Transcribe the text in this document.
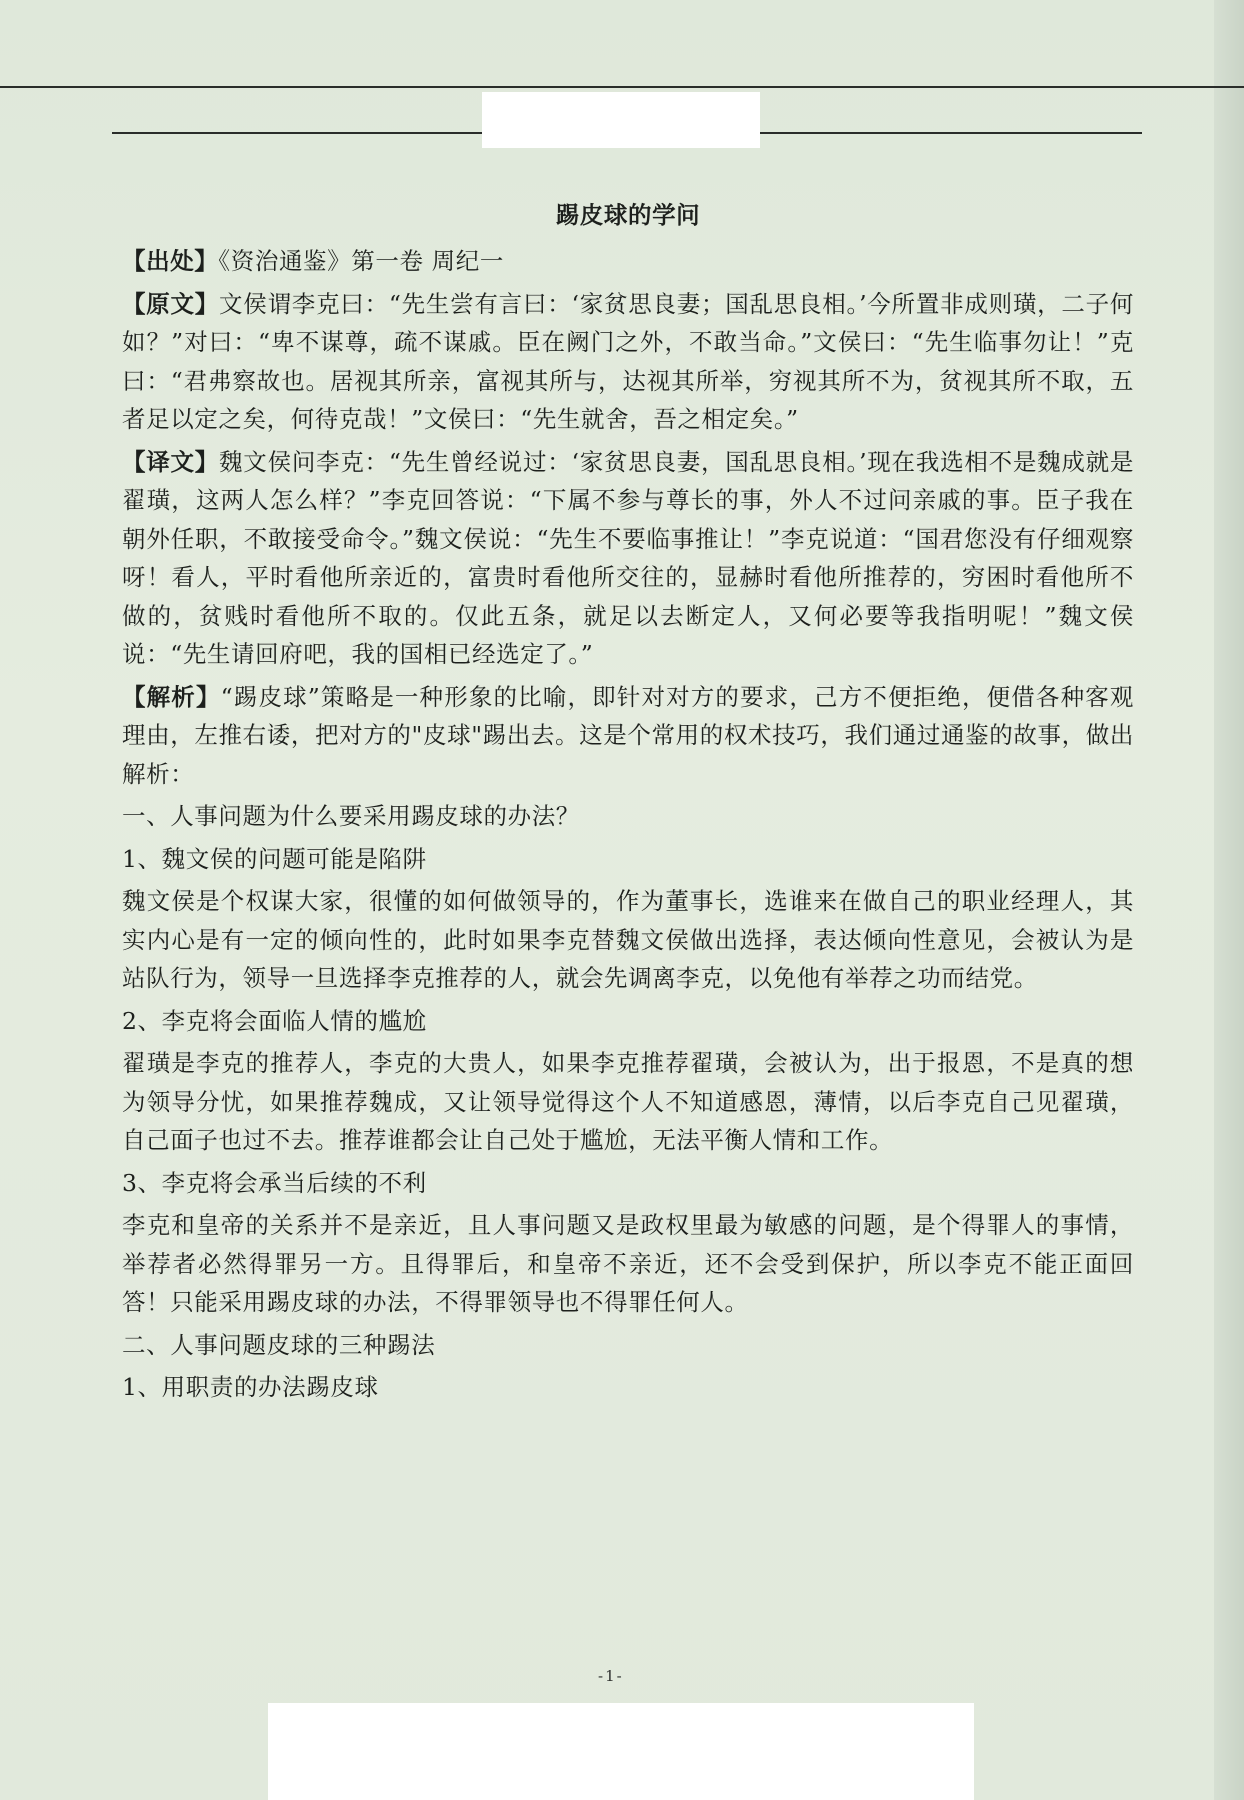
踢皮球的学问
【出处】《资治通鉴》第一卷 周纪一
【原文】文侯谓李克曰：“先生尝有言曰：‘家贫思良妻；国乱思良相。’今所置非成则璜，二子何如？”对曰：“卑不谋尊，疏不谋戚。臣在阙门之外，不敢当命。”文侯曰：“先生临事勿让！”克曰：“君弗察故也。居视其所亲，富视其所与，达视其所举，穷视其所不为，贫视其所不取，五者足以定之矣，何待克哉！”文侯曰：“先生就舍，吾之相定矣。”
【译文】魏文侯问李克：“先生曾经说过：‘家贫思良妻，国乱思良相。’现在我选相不是魏成就是翟璜，这两人怎么样？”李克回答说：“下属不参与尊长的事，外人不过问亲戚的事。臣子我在朝外任职，不敢接受命令。”魏文侯说：“先生不要临事推让！”李克说道：“国君您没有仔细观察呀！看人，平时看他所亲近的，富贵时看他所交往的，显赫时看他所推荐的，穷困时看他所不做的，贫贱时看他所不取的。仅此五条，就足以去断定人，又何必要等我指明呢！”魏文侯说：“先生请回府吧，我的国相已经选定了。”
【解析】“踢皮球”策略是一种形象的比喻，即针对对方的要求，己方不便拒绝，便借各种客观理由，左推右诿，把对方的"皮球"踢出去。这是个常用的权术技巧，我们通过通鉴的故事，做出解析：
一、人事问题为什么要采用踢皮球的办法？
1、魏文侯的问题可能是陷阱
魏文侯是个权谋大家，很懂的如何做领导的，作为董事长，选谁来在做自己的职业经理人，其实内心是有一定的倾向性的，此时如果李克替魏文侯做出选择，表达倾向性意见，会被认为是站队行为，领导一旦选择李克推荐的人，就会先调离李克，以免他有举荐之功而结党。
2、李克将会面临人情的尴尬
翟璜是李克的推荐人，李克的大贵人，如果李克推荐翟璜，会被认为，出于报恩，不是真的想为领导分忧，如果推荐魏成，又让领导觉得这个人不知道感恩，薄情，以后李克自己见翟璜，自己面子也过不去。推荐谁都会让自己处于尴尬，无法平衡人情和工作。
3、李克将会承当后续的不利
李克和皇帝的关系并不是亲近，且人事问题又是政权里最为敏感的问题，是个得罪人的事情，举荐者必然得罪另一方。且得罪后，和皇帝不亲近，还不会受到保护，所以李克不能正面回答！只能采用踢皮球的办法，不得罪领导也不得罪任何人。
二、人事问题皮球的三种踢法
1、用职责的办法踢皮球
-1-
